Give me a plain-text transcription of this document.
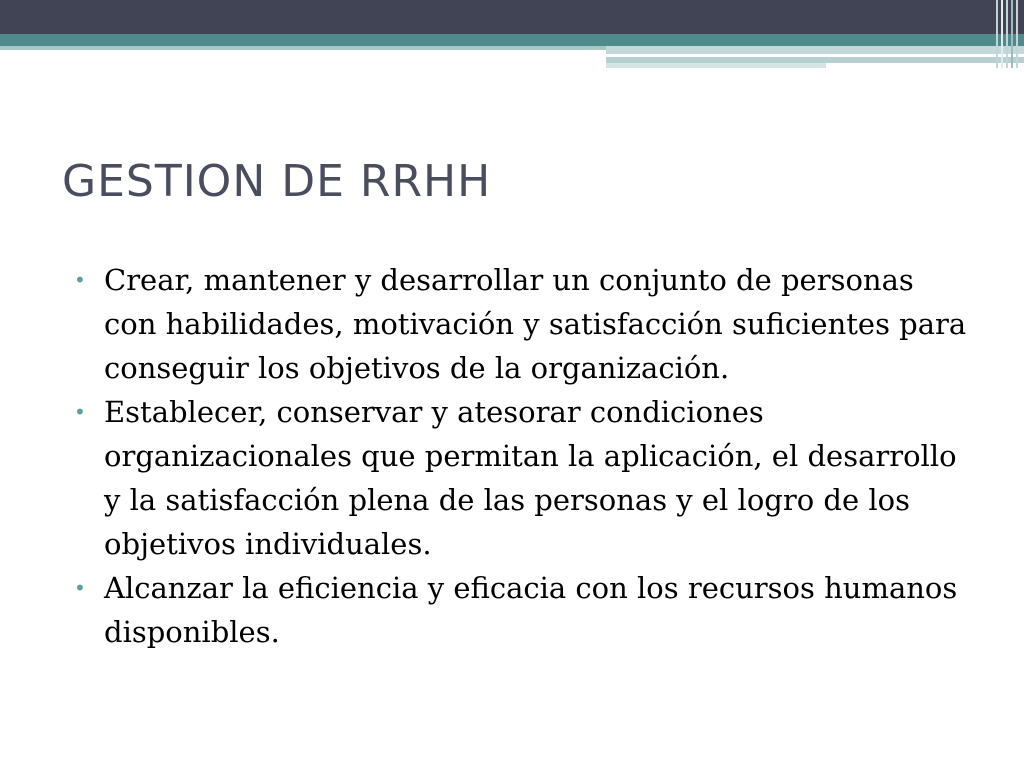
GESTION DE RRHH
• Crear, mantener y desarrollar un conjunto de personas con habilidades, motivación y satisfacción suficientes para conseguir los objetivos de la organización.
• Establecer, conservar y atesorar condiciones organizacionales que permitan la aplicación, el desarrollo y la satisfacción plena de las personas y el logro de los objetivos individuales.
• Alcanzar la eficiencia y eficacia con los recursos humanos disponibles.
